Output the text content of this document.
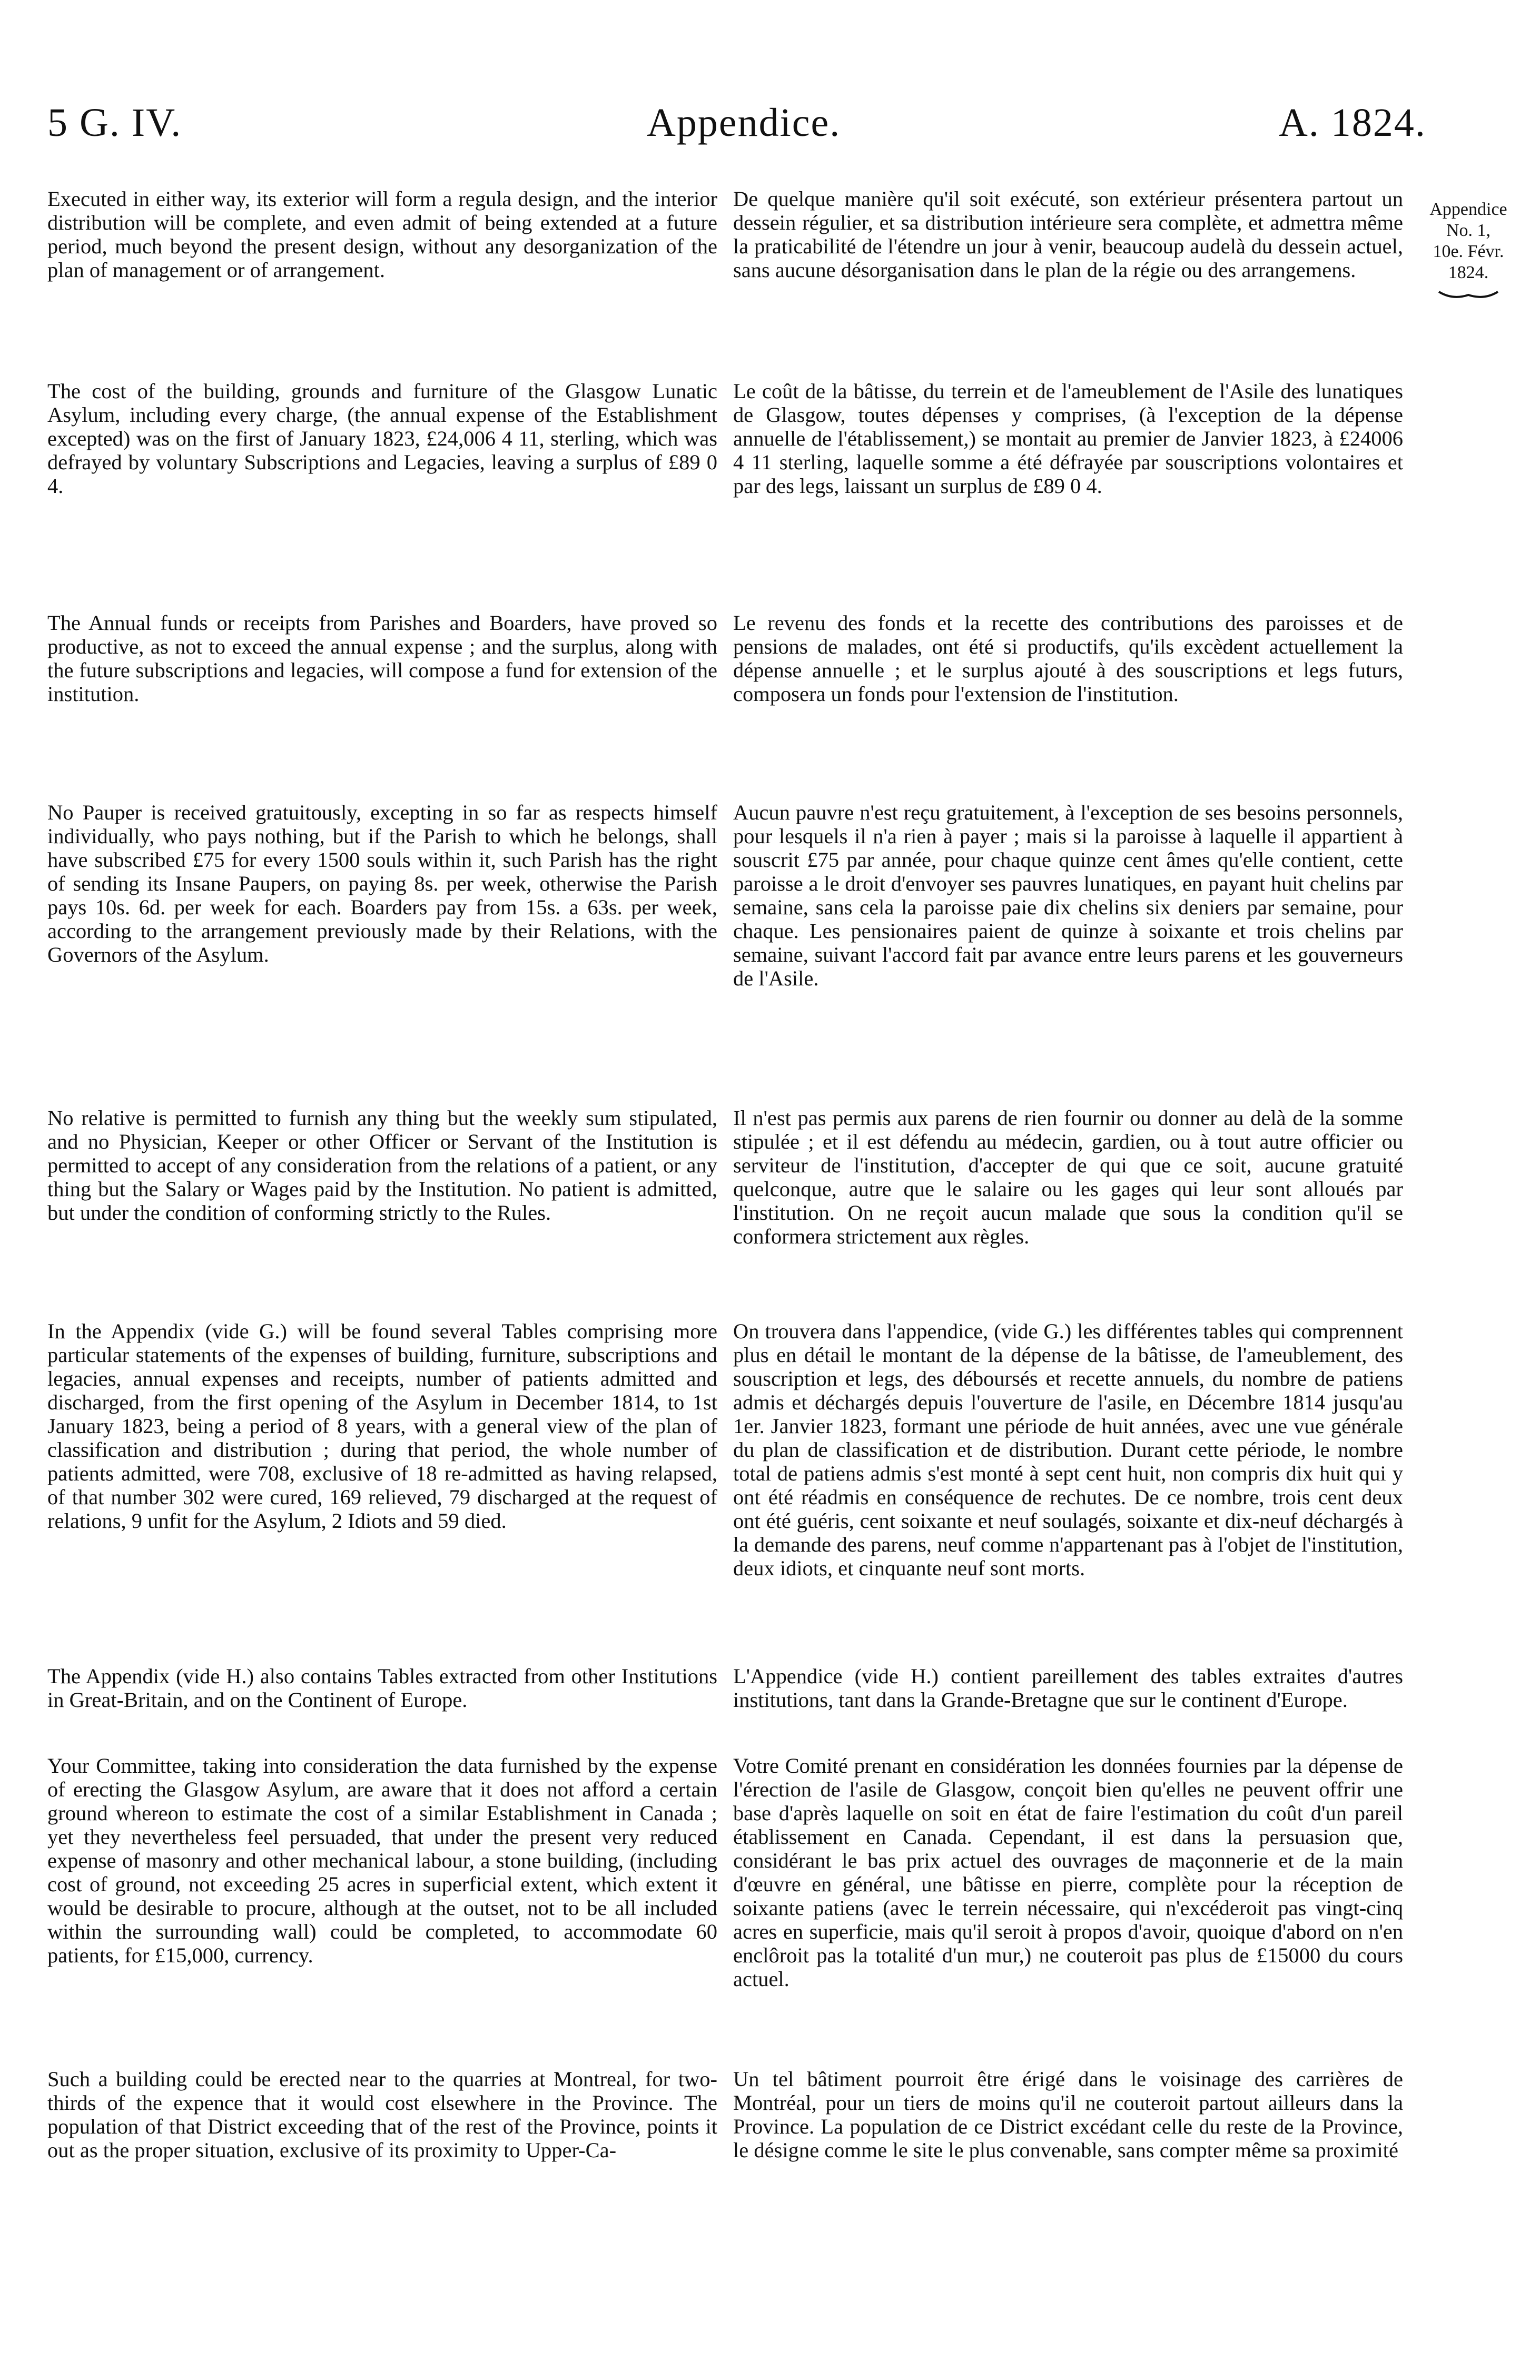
5 G. IV.	Appendice.	A. 1824.

Executed in either way, its exterior will form a regula design, and the interior distribution will be complete, and even admit of being extended at a future period, much beyond the present design, without any desorganization of the plan of management or of arrangement.

The cost of the building, grounds and furniture of the Glasgow Lunatic Asylum, including every charge, (the annual expense of the Establishment excepted) was on the first of January 1823, £24,006 4 11, sterling, which was defrayed by voluntary Subscriptions and Legacies, leaving a surplus of £89 0 4.

The Annual funds or receipts from Parishes and Boarders, have proved so productive, as not to exceed the annual expense ; and the surplus, along with the future subscriptions and legacies, will compose a fund for extension of the institution.

No Pauper is received gratuitously, excepting in so far as respects himself individually, who pays nothing, but if the Parish to which he belongs, shall have subscribed £75 for every 1500 souls within it, such Parish has the right of sending its Insane Paupers, on paying 8s. per week, otherwise the Parish pays 10s. 6d. per week for each. Boarders pay from 15s. a 63s. per week, according to the arrangement previously made by their Relations, with the Governors of the Asylum.

No relative is permitted to furnish any thing but the weekly sum stipulated, and no Physician, Keeper or other Officer or Servant of the Institution is permitted to accept of any consideration from the relations of a patient, or any thing but the Salary or Wages paid by the Institution. No patient is admitted, but under the condition of conforming strictly to the Rules.

In the Appendix (vide G.) will be found several Tables comprising more particular statements of the expenses of building, furniture, subscriptions and legacies, annual expenses and receipts, number of patients admitted and discharged, from the first opening of the Asylum in December 1814, to 1st January 1823, being a period of 8 years, with a general view of the plan of classification and distribution ; during that period, the whole number of patients admitted, were 708, exclusive of 18 re-admitted as having relapsed, of that number 302 were cured, 169 relieved, 79 discharged at the request of relations, 9 unfit for the Asylum, 2 Idiots and 59 died.

The Appendix (vide H.) also contains Tables extracted from other Institutions in Great-Britain, and on the Continent of Europe.

Your Committee, taking into consideration the data furnished by the expense of erecting the Glasgow Asylum, are aware that it does not afford a certain ground whereon to estimate the cost of a similar Establishment in Canada ; yet they nevertheless feel persuaded, that under the present very reduced expense of masonry and other mechanical labour, a stone building, (including cost of ground, not exceeding 25 acres in superficial extent, which extent it would be desirable to procure, although at the outset, not to be all included within the surrounding wall) could be completed, to accommodate 60 patients, for £15,000, currency.

Such a building could be erected near to the quarries at Montreal, for two-thirds of the expence that it would cost elsewhere in the Province. The population of that District exceeding that of the rest of the Province, points it out as the proper situation, exclusive of its proximity to Upper-Ca-

De quelque manière qu'il soit exécuté, son extérieur présentera partout un dessein régulier, et sa distribution intérieure sera complète, et admettra même la praticabilité de l'étendre un jour à venir, beaucoup audelà du dessein actuel, sans aucune désorganisation dans le plan de la régie ou des arrangemens.

Le coût de la bâtisse, du terrein et de l'ameublement de l'Asile des lunatiques de Glasgow, toutes dépenses y comprises, (à l'exception de la dépense annuelle de l'établissement,) se montait au premier de Janvier 1823, à £24006 4 11 sterling, laquelle somme a été défrayée par souscriptions volontaires et par des legs, laissant un surplus de £89 0 4.

Le revenu des fonds et la recette des contributions des paroisses et de pensions de malades, ont été si productifs, qu'ils excèdent actuellement la dépense annuelle ; et le surplus ajouté à des souscriptions et legs futurs, composera un fonds pour l'extension de l'institution.

Aucun pauvre n'est reçu gratuitement, à l'exception de ses besoins personnels, pour lesquels il n'a rien à payer ; mais si la paroisse à laquelle il appartient à souscrit £75 par année, pour chaque quinze cent âmes qu'elle contient, cette paroisse a le droit d'envoyer ses pauvres lunatiques, en payant huit chelins par semaine, sans cela la paroisse paie dix chelins six deniers par semaine, pour chaque. Les pensionaires paient de quinze à soixante et trois chelins par semaine, suivant l'accord fait par avance entre leurs parens et les gouverneurs de l'Asile.

Il n'est pas permis aux parens de rien fournir ou donner au delà de la somme stipulée ; et il est défendu au médecin, gardien, ou à tout autre officier ou serviteur de l'institution, d'accepter de qui que ce soit, aucune gratuité quelconque, autre que le salaire ou les gages qui leur sont alloués par l'institution. On ne reçoit aucun malade que sous la condition qu'il se conformera strictement aux règles.

On trouvera dans l'appendice, (vide G.) les différentes tables qui comprennent plus en détail le montant de la dépense de la bâtisse, de l'ameublement, des souscription et legs, des déboursés et recette annuels, du nombre de patiens admis et déchargés depuis l'ouverture de l'asile, en Décembre 1814 jusqu'au 1er. Janvier 1823, formant une période de huit années, avec une vue générale du plan de classification et de distribution. Durant cette période, le nombre total de patiens admis s'est monté à sept cent huit, non compris dix huit qui y ont été réadmis en conséquence de rechutes. De ce nombre, trois cent deux ont été guéris, cent soixante et neuf soulagés, soixante et dix-neuf déchargés à la demande des parens, neuf comme n'appartenant pas à l'objet de l'institution, deux idiots, et cinquante neuf sont morts.

L'Appendice (vide H.) contient pareillement des tables extraites d'autres institutions, tant dans la Grande-Bretagne que sur le continent d'Europe.

Votre Comité prenant en considération les données fournies par la dépense de l'érection de l'asile de Glasgow, conçoit bien qu'elles ne peuvent offrir une base d'après laquelle on soit en état de faire l'estimation du coût d'un pareil établissement en Canada. Cependant, il est dans la persuasion que, considérant le bas prix actuel des ouvrages de maçonnerie et de la main d'œuvre en général, une bâtisse en pierre, complète pour la réception de soixante patiens (avec le terrein nécessaire, qui n'excéderoit pas vingt-cinq acres en superficie, mais qu'il seroit à propos d'avoir, quoique d'abord on n'en enclôroit pas la totalité d'un mur,) ne couteroit pas plus de £15000 du cours actuel.

Un tel bâtiment pourroit être érigé dans le voisinage des carrières de Montréal, pour un tiers de moins qu'il ne couteroit partout ailleurs dans la Province. La population de ce District excédant celle du reste de la Province, le désigne comme le site le plus convenable, sans compter même sa proximité

Appendice
No. 1,
10e. Févr.
1824.
